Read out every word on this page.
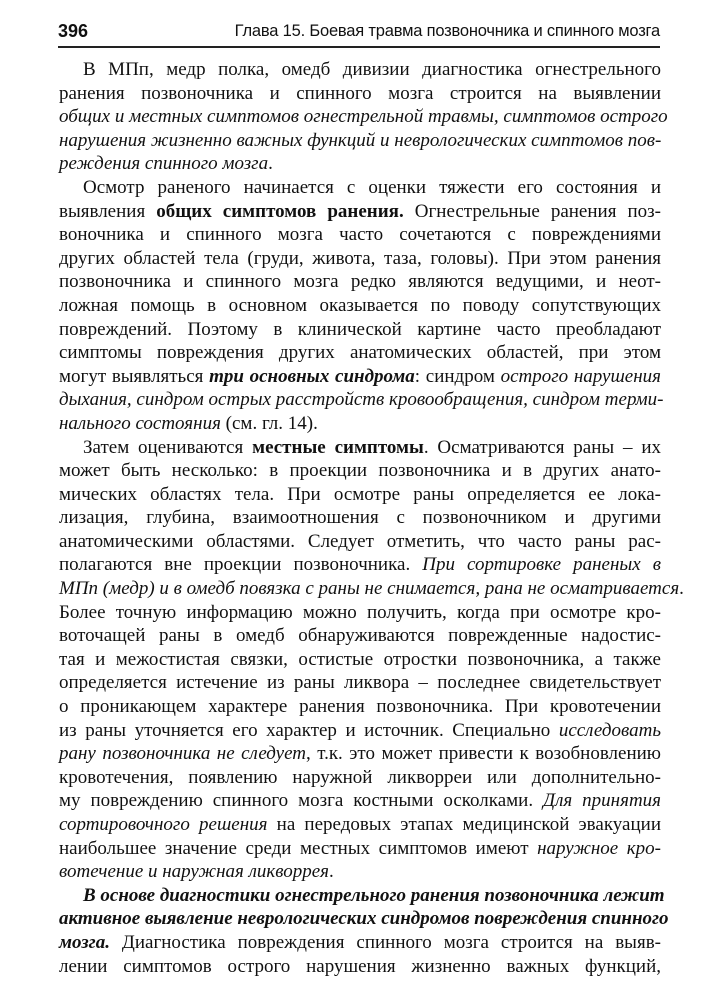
396	Глава 15. Боевая травма позвоночника и спинного мозга

В МПп, медр полка, омедб дивизии диагностика огнестрельного
ранения позвоночника и спинного мозга строится на выявлении
общих и местных симптомов огнестрельной травмы, симптомов острого
нарушения жизненно важных функций и неврологических симптомов пов-
реждения спинного мозга.

Осмотр раненого начинается с оценки тяжести его состояния и
выявления общих симптомов ранения. Огнестрельные ранения поз-
воночника и спинного мозга часто сочетаются с повреждениями
других областей тела (груди, живота, таза, головы). При этом ранения
позвоночника и спинного мозга редко являются ведущими, и неот-
ложная помощь в основном оказывается по поводу сопутствующих
повреждений. Поэтому в клинической картине часто преобладают
симптомы повреждения других анатомических областей, при этом
могут выявляться три основных синдрома: синдром острого нарушения
дыхания, синдром острых расстройств кровообращения, синдром терми-
нального состояния (см. гл. 14).

Затем оцениваются местные симптомы. Осматриваются раны – их
может быть несколько: в проекции позвоночника и в других анато-
мических областях тела. При осмотре раны определяется ее лока-
лизация, глубина, взаимоотношения с позвоночником и другими
анатомическими областями. Следует отметить, что часто раны рас-
полагаются вне проекции позвоночника. При сортировке раненых в
МПп (медр) и в омедб повязка с раны не снимается, рана не осматривается.
Более точную информацию можно получить, когда при осмотре кро-
воточащей раны в омедб обнаруживаются поврежденные надостис-
тая и межостистая связки, остистые отростки позвоночника, а также
определяется истечение из раны ликвора – последнее свидетельствует
о проникающем характере ранения позвоночника. При кровотечении
из раны уточняется его характер и источник. Специально исследовать
рану позвоночника не следует, т.к. это может привести к возобновлению
кровотечения, появлению наружной ликворреи или дополнительно-
му повреждению спинного мозга костными осколками. Для принятия
сортировочного решения на передовых этапах медицинской эвакуации
наибольшее значение среди местных симптомов имеют наружное кро-
вотечение и наружная ликворрея.

В основе диагностики огнестрельного ранения позвоночника лежит
активное выявление неврологических синдромов повреждения спинного
мозга. Диагностика повреждения спинного мозга строится на выяв-
лении симптомов острого нарушения жизненно важных функций,
